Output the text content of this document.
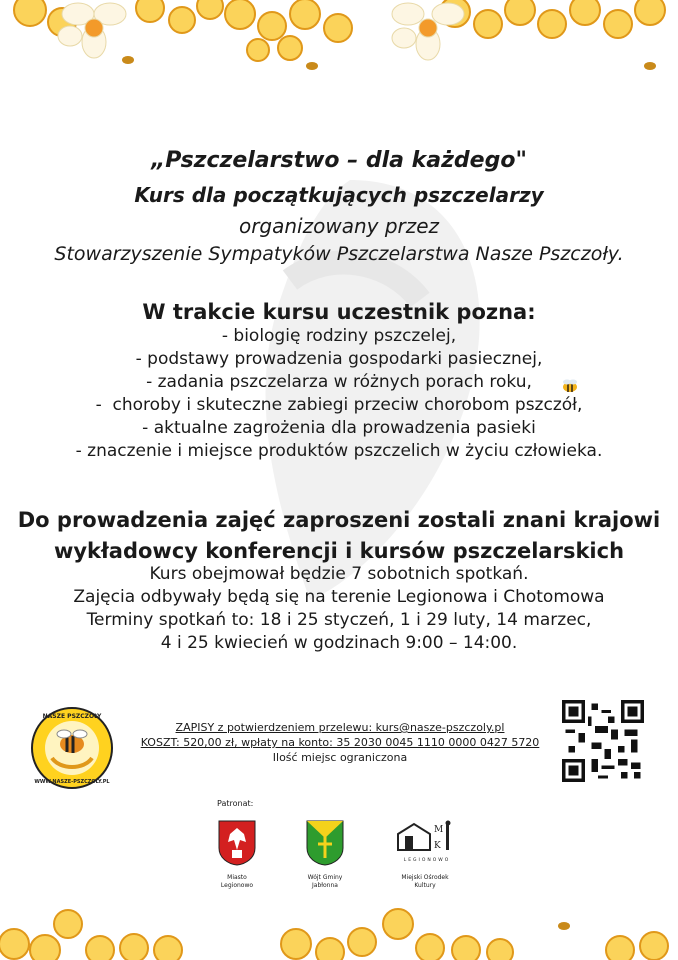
„Pszczelarstwo – dla każdego"
Kurs dla początkujących pszczelarzy
organizowany przez
Stowarzyszenie Sympatyków Pszczelarstwa Nasze Pszczoły.
W trakcie kursu uczestnik pozna:
- biologię rodziny pszczelej,
- podstawy prowadzenia gospodarki pasiecznej,
- zadania pszczelarza w różnych porach roku,
-  choroby i skuteczne zabiegi przeciw chorobom pszczół,
- aktualne zagrożenia dla prowadzenia pasieki
- znaczenie i miejsce produktów pszczelich w życiu człowieka.
Do prowadzenia zajęć zaproszeni zostali znani krajowi
wykładowcy konferencji i kursów pszczelarskich
Kurs obejmował będzie 7 sobotnich spotkań.
Zajęcia odbywały będą się na terenie Legionowa i Chotomowa
Terminy spotkań to: 18 i 25 styczeń, 1 i 29 luty, 14 marzec,
4 i 25 kwiecień w godzinach 9:00 – 14:00.
NASZE PSZCZOŁY
WWW.NASZE-PSZCZOLY.PL
ZAPISY z potwierdzeniem przelewu: kurs@nasze-pszczoly.pl
KOSZT: 520,00 zł, wpłaty na konto: 35 2030 0045 1110 0000 0427 5720
Ilość miejsc ograniczona
Patronat:
Miasto
Legionowo
Wójt Gminy
Jabłonna
M
K
LEGIONOWO
Miejski Ośrodek
Kultury
